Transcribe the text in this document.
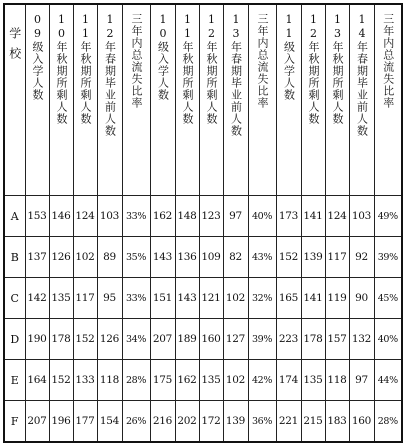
学校	09级入学人数	10年秋期所剩人数	11年秋期所剩人数	12年春期毕业前人数	三年内总流失比率	10级入学人数	11年秋期所剩人数	12年秋期所剩人数	13年春期毕业前人数	三年内总流失比率	11级入学人数	12年秋期所剩人数	13年秋期所剩人数	14年春期毕业前人数	三年内总流失比率

A	153	146	124	103	33%	162	148	123	97	40%	173	141	124	103	49%
B	137	126	102	89	35%	143	136	109	82	43%	152	139	117	92	39%
C	142	135	117	95	33%	151	143	121	102	32%	165	141	119	90	45%
D	190	178	152	126	34%	207	189	160	127	39%	223	178	157	132	40%
E	164	152	133	118	28%	175	162	135	102	42%	174	135	118	97	44%
F	207	196	177	154	26%	216	202	172	139	36%	221	215	183	160	28%
